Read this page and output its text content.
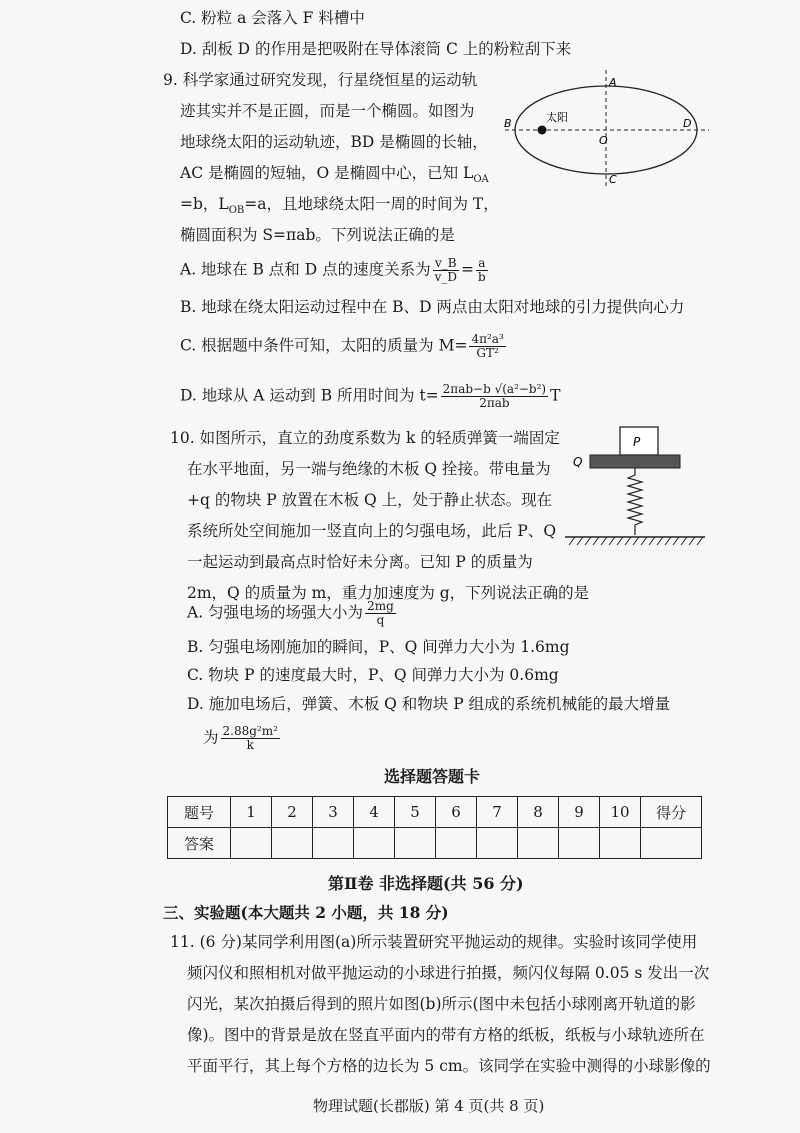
C. 粉粒 a 会落入 F 料槽中
D. 刮板 D 的作用是把吸附在导体滚筒 C 上的粉粒刮下来
9. 科学家通过研究发现，行星绕恒星的运动轨
迹其实并不是正圆，而是一个椭圆。如图为
地球绕太阳的运动轨迹，BD 是椭圆的长轴，
AC 是椭圆的短轴，O 是椭圆中心，已知 $L_{OA}$
=b，$L_{OB}=a$，且地球绕太阳一周的时间为 T，
椭圆面积为 S=πab。下列说法正确的是
A. 地球在 B 点和 D 点的速度关系为 $\frac{v\_B}{v\_D} = \frac{a}{b}$
B. 地球在绕太阳运动过程中在 B、D 两点由太阳对地球的引力提供向心力
C. 根据题中条件可知，太阳的质量为 $M= \frac{\text{4π²a³}}{\text{GT²}}$
D. 地球从 A 运动到 B 所用时间为 $t= \frac{\text{2πab−b √(a²−b²)}}{\text{2πab}}$ T
太阳
A
B
C
D
O
10. 如图所示，直立的劲度系数为 k 的轻质弹簧一端固定
在水平地面，另一端与绝缘的木板 Q 拴接。带电量为
+q 的物块 P 放置在木板 Q 上，处于静止状态。现在
系统所处空间施加一竖直向上的匀强电场，此后 P、Q
一起运动到最高点时恰好未分离。已知 P 的质量为
2m，Q 的质量为 m，重力加速度为 g，下列说法正确的是
A. 匀强电场的场强大小为 $\frac{2mg}{q}$
B. 匀强电场刚施加的瞬间，P、Q 间弹力大小为 1.6mg
C. 物块 P 的速度最大时，P、Q 间弹力大小为 0.6mg
D. 施加电场后，弹簧、木板 Q 和物块 P 组成的系统机械能的最大增量
为 $\frac{\text{2.88g²m²}}{k}$
P
Q
选择题答题卡
题号	1	2	3	4	5	6	7	8	9	10	得分
答案											
第Ⅱ卷 非选择题(共 56 分)
三、实验题(本大题共 2 小题，共 18 分)
11. (6 分)某同学利用图(a)所示装置研究平抛运动的规律。实验时该同学使用
频闪仪和照相机对做平抛运动的小球进行拍摄，频闪仪每隔 0.05 s 发出一次
闪光，某次拍摄后得到的照片如图(b)所示(图中未包括小球刚离开轨道的影
像)。图中的背景是放在竖直平面内的带有方格的纸板，纸板与小球轨迹所在
平面平行，其上每个方格的边长为 5 cm。该同学在实验中测得的小球影像的
物理试题(长郡版) 第 4 页(共 8 页)
